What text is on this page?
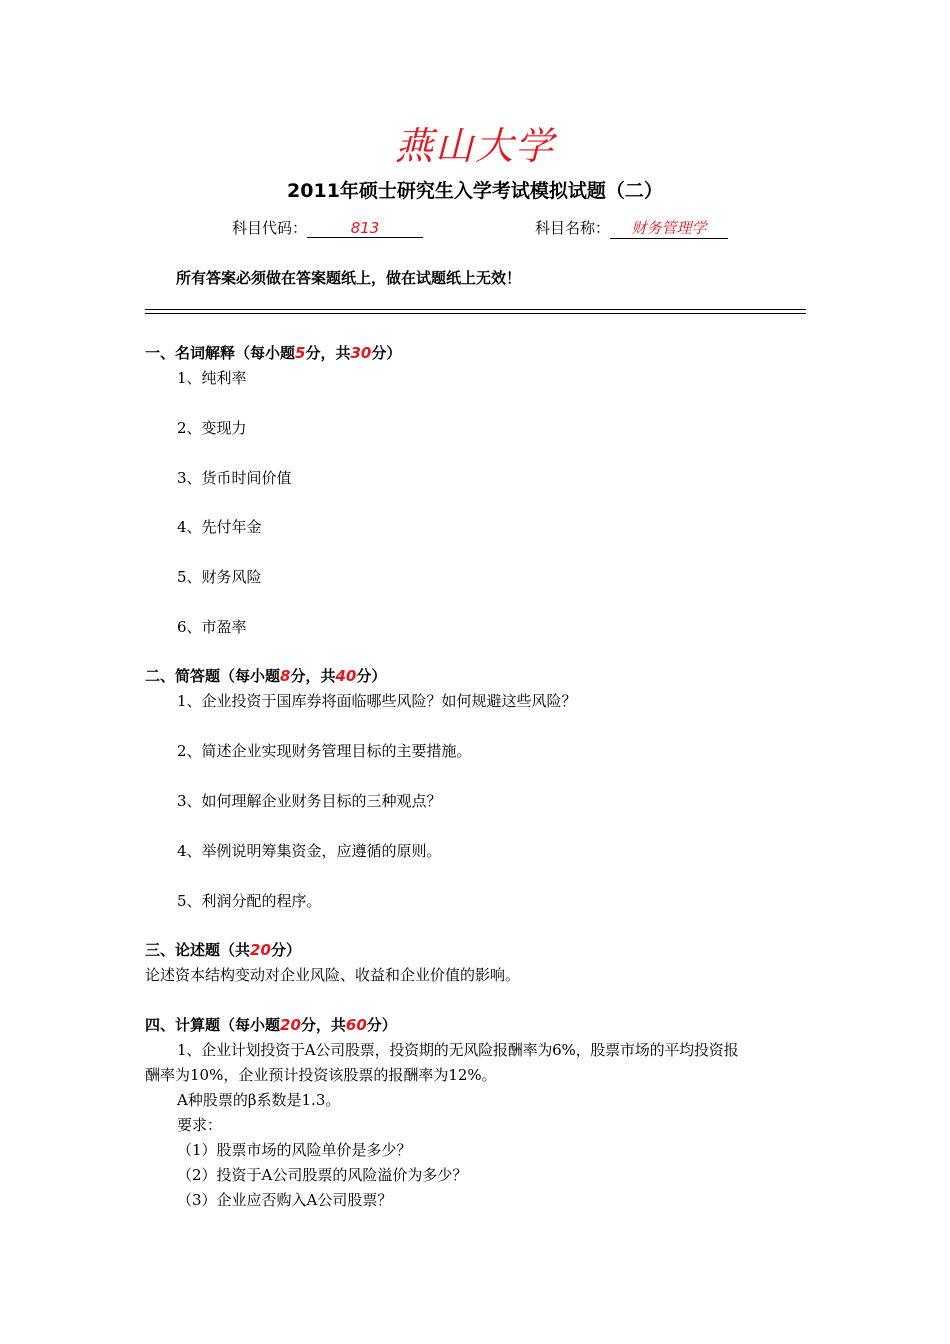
燕山大学
2011年硕士研究生入学考试模拟试题（二）
科目代码：	813	科目名称： 财务管理学
所有答案必须做在答案题纸上，做在试题纸上无效！
一、名词解释（每小题5分，共30分）
1、纯利率
2、变现力
3、货币时间价值
4、先付年金
5、财务风险
6、市盈率
二、简答题（每小题8分，共40分）
1、企业投资于国库券将面临哪些风险？如何规避这些风险？
2、简述企业实现财务管理目标的主要措施。
3、如何理解企业财务目标的三种观点？
4、举例说明筹集资金，应遵循的原则。
5、利润分配的程序。
三、论述题（共20分）
论述资本结构变动对企业风险、收益和企业价值的影响。
四、计算题（每小题20分，共60分）
1、企业计划投资于A公司股票，投资期的无风险报酬率为6%，股票市场的平均投资报
酬率为10%，企业预计投资该股票的报酬率为12%。
A种股票的β系数是1.3。
要求：
（1）股票市场的风险单价是多少？
（2）投资于A公司股票的风险溢价为多少？
（3）企业应否购入A公司股票？
